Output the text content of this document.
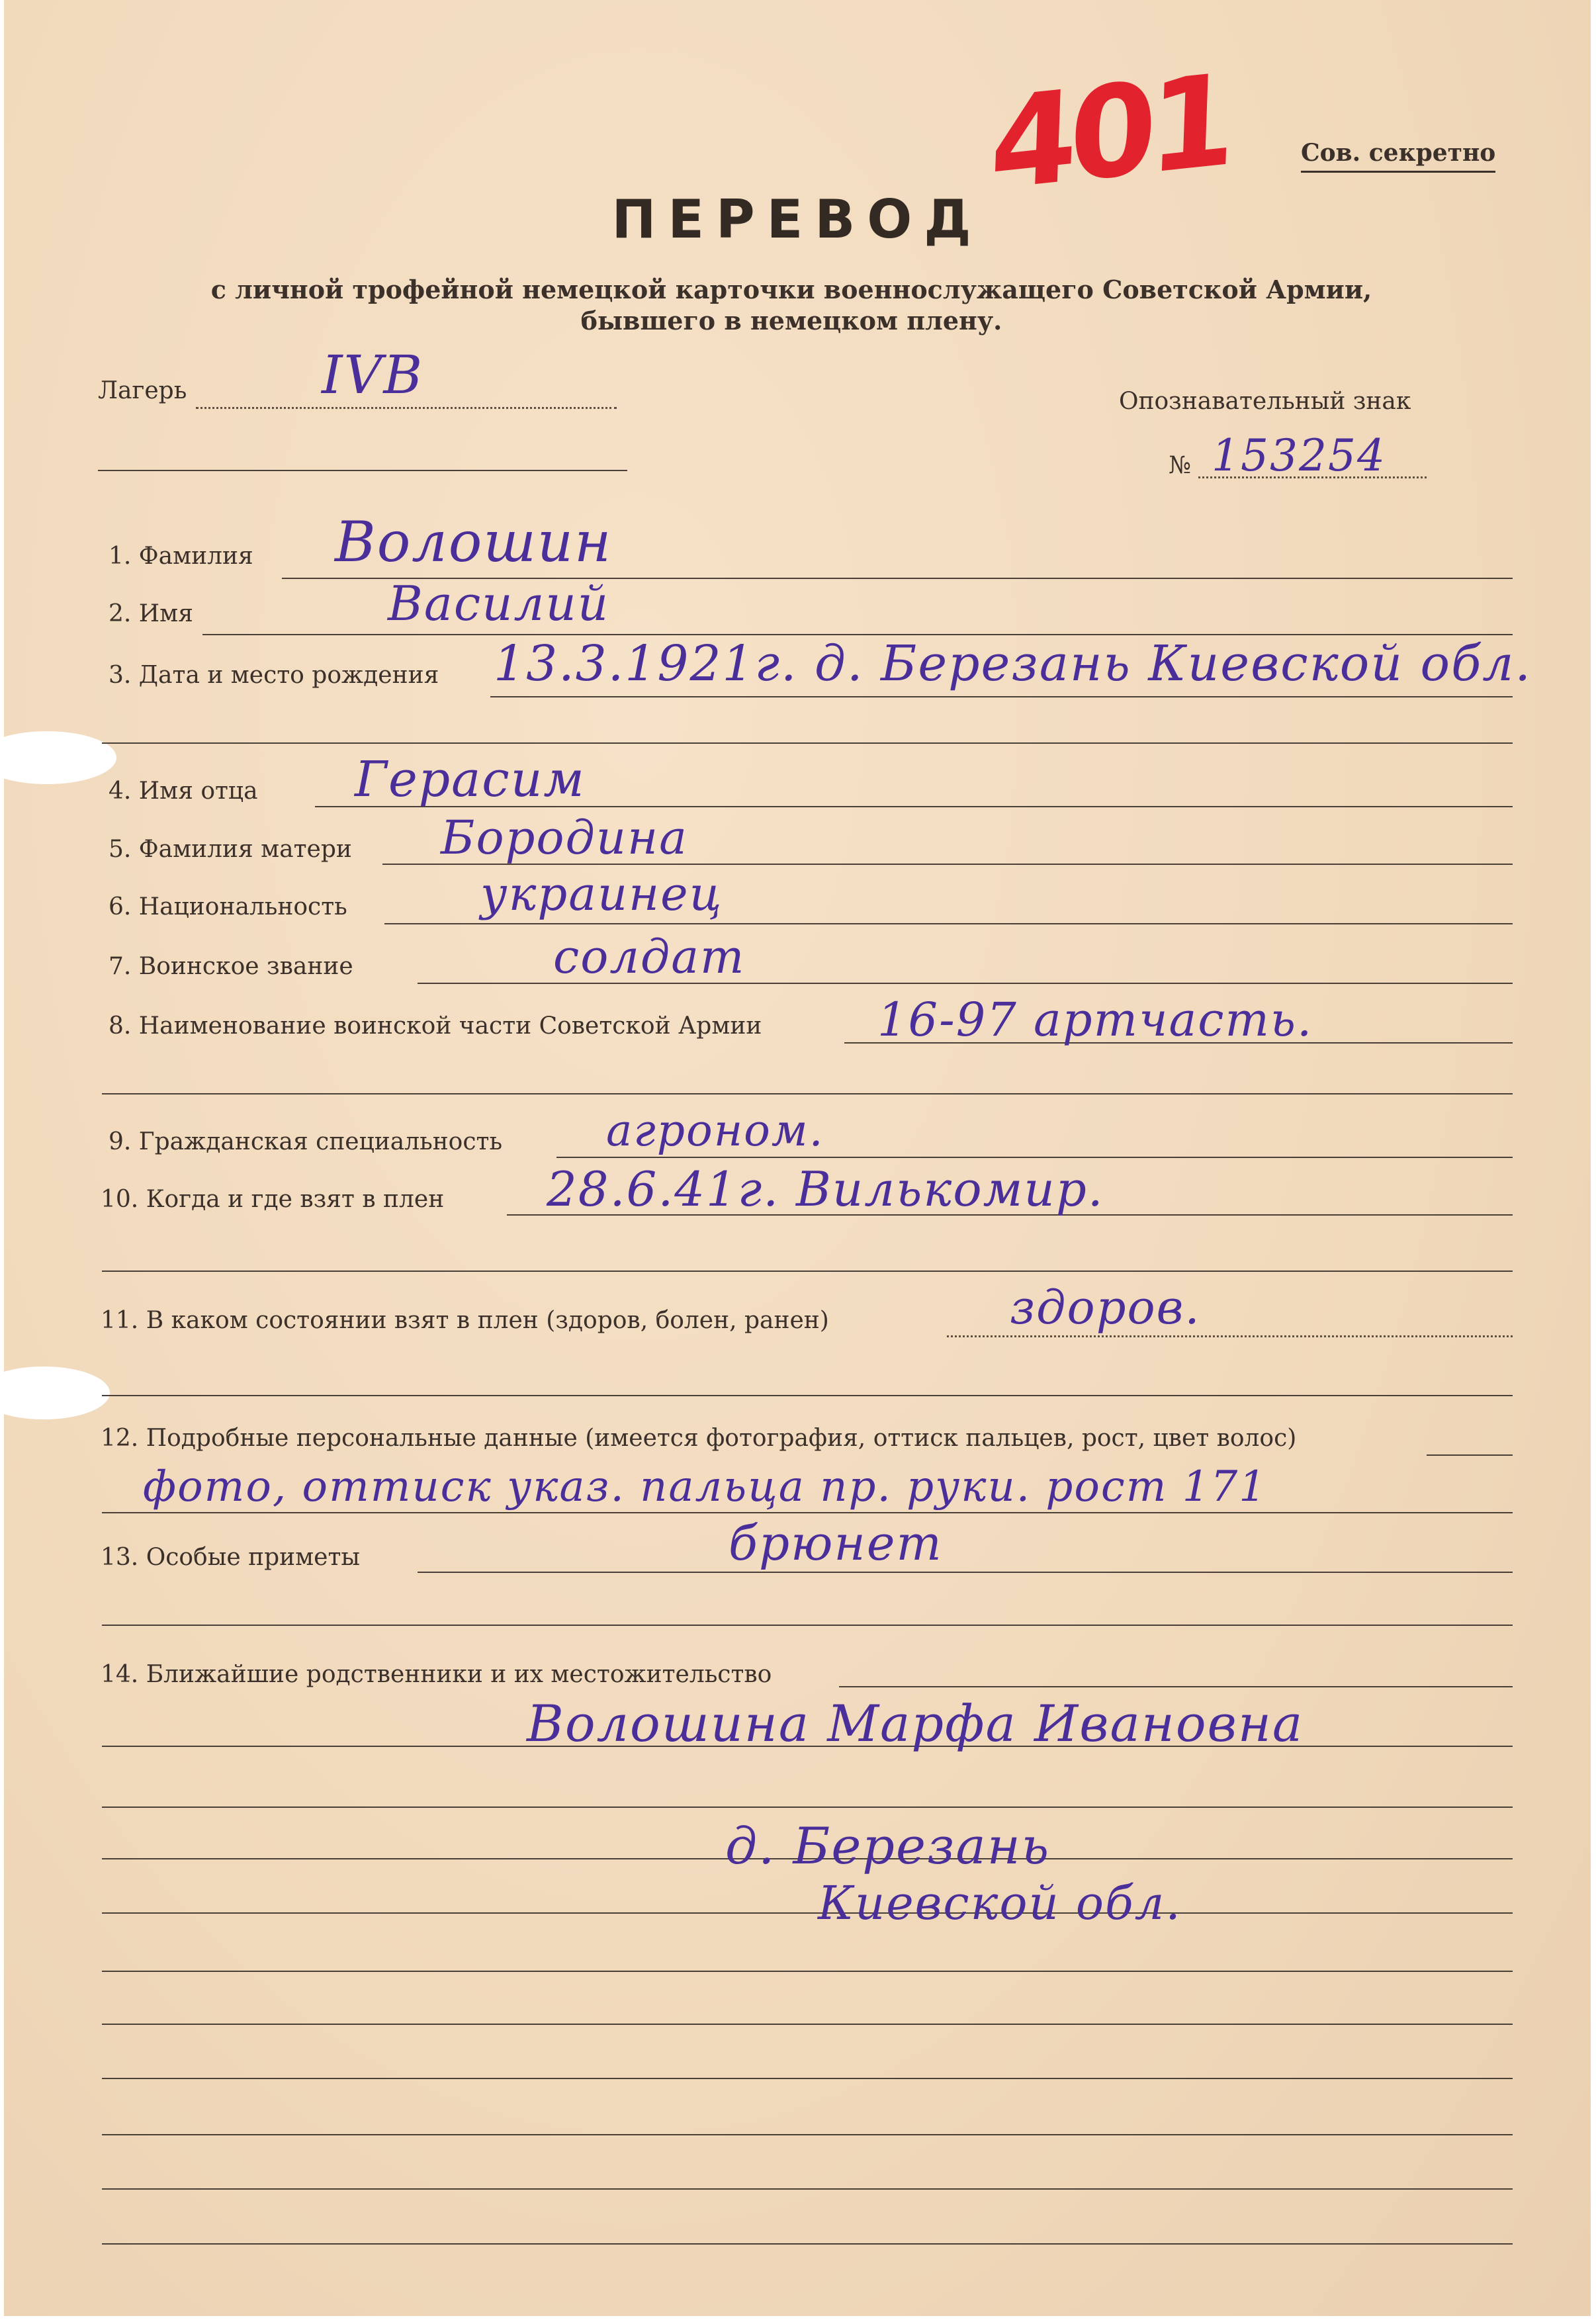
401	Сов. секретно
ПЕРЕВОД
с личной трофейной немецкой карточки военнослужащего Советской Армии,
бывшего в немецком плену.
Лагерь	IVB	Опознавательный знак
№ 153254
1. Фамилия Волошин
2. Имя	Василий
3. Дата и место рождения 13.3.1921г. д. Березань Киевской обл.
4. Имя отца Герасим
5. Фамилия матери Бородина
6. Национальность	украинец
7. Воинское звание	солдат
8. Наименование воинской части Советской Армии 16-97 артчасть.
9. Гражданская специальность агроном.
10. Когда и где взят в плен 28.6.41г. Вилькомир.
11. В каком состоянии взят в плен (здоров, болен, ранен)	здоров.
12. Подробные персональные данные (имеется фотография, оттиск пальцев, рост, цвет волос)
фото, оттиск указ. пальца пр. руки. рост 171
13. Особые приметы	брюнет
14. Ближайшие родственники и их местожительство
Волошина Марфа Ивановна
д. Березань
Киевской обл.
